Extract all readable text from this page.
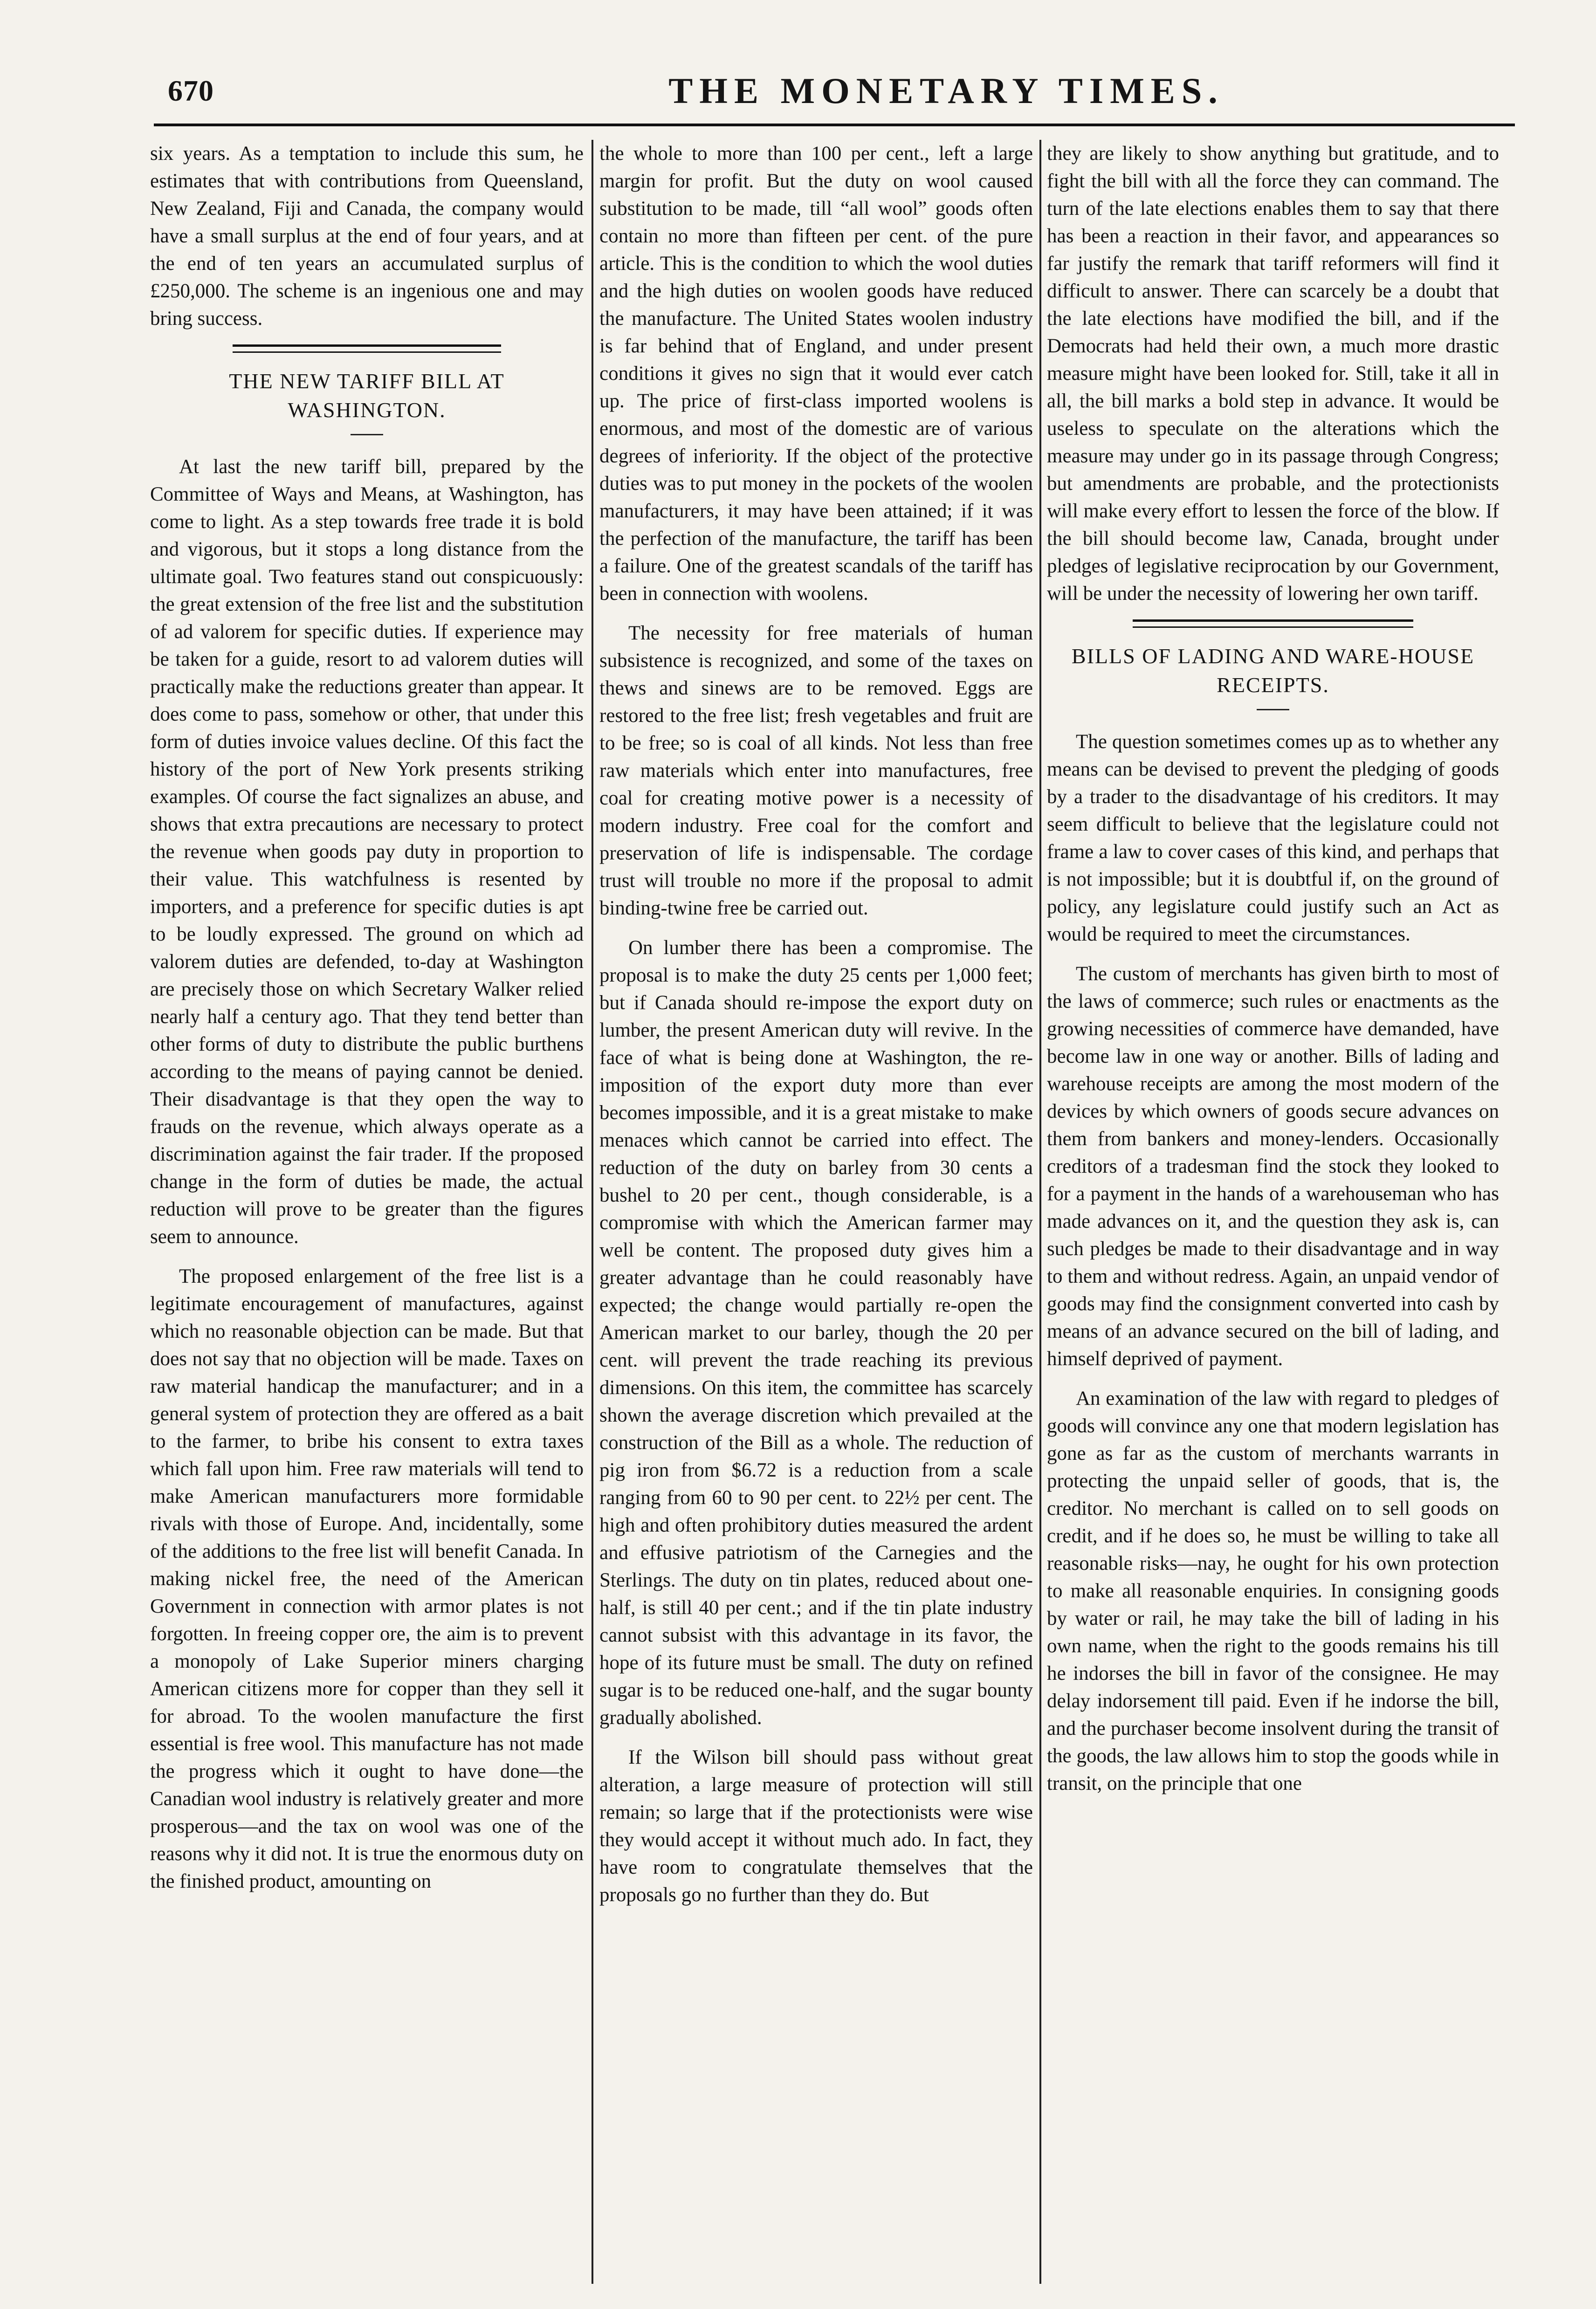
670	THE MONETARY TIMES.

six years. As a temptation to include this sum, he estimates that with contributions from Queensland, New Zealand, Fiji and Canada, the company would have a small surplus at the end of four years, and at the end of ten years an accumulated surplus of £250,000. The scheme is an ingenious one and may bring success.

THE NEW TARIFF BILL AT WASHINGTON.

At last the new tariff bill, prepared by the Committee of Ways and Means, at Washington, has come to light. As a step towards free trade it is bold and vigorous, but it stops a long distance from the ultimate goal. Two features stand out conspicuously: the great extension of the free list and the substitution of ad valorem for specific duties. If experience may be taken for a guide, resort to ad valorem duties will practically make the reductions greater than appear. It does come to pass, somehow or other, that under this form of duties invoice values decline. Of this fact the history of the port of New York presents striking examples. Of course the fact signalizes an abuse, and shows that extra precautions are necessary to protect the revenue when goods pay duty in proportion to their value. This watchfulness is resented by importers, and a preference for specific duties is apt to be loudly expressed. The ground on which ad valorem duties are defended, to-day at Washington are precisely those on which Secretary Walker relied nearly half a century ago. That they tend better than other forms of duty to distribute the public burthens according to the means of paying cannot be denied. Their disadvantage is that they open the way to frauds on the revenue, which always operate as a discrimination against the fair trader. If the proposed change in the form of duties be made, the actual reduction will prove to be greater than the figures seem to announce.

The proposed enlargement of the free list is a legitimate encouragement of manufactures, against which no reasonable objection can be made. But that does not say that no objection will be made. Taxes on raw material handicap the manufacturer; and in a general system of protection they are offered as a bait to the farmer, to bribe his consent to extra taxes which fall upon him. Free raw materials will tend to make American manufacturers more formidable rivals with those of Europe. And, incidentally, some of the additions to the free list will benefit Canada. In making nickel free, the need of the American Government in connection with armor plates is not forgotten. In freeing copper ore, the aim is to prevent a monopoly of Lake Superior miners charging American citizens more for copper than they sell it for abroad. To the woolen manufacture the first essential is free wool. This manufacture has not made the progress which it ought to have done—the Canadian wool industry is relatively greater and more prosperous—and the tax on wool was one of the reasons why it did not. It is true the enormous duty on the finished product, amounting on

the whole to more than 100 per cent., left a large margin for profit. But the duty on wool caused substitution to be made, till “all wool” goods often contain no more than fifteen per cent. of the pure article. This is the condition to which the wool duties and the high duties on woolen goods have reduced the manufacture. The United States woolen industry is far behind that of England, and under present conditions it gives no sign that it would ever catch up. The price of first-class imported woolens is enormous, and most of the domestic are of various degrees of inferiority. If the object of the protective duties was to put money in the pockets of the woolen manufacturers, it may have been attained; if it was the perfection of the manufacture, the tariff has been a failure. One of the greatest scandals of the tariff has been in connection with woolens.

The necessity for free materials of human subsistence is recognized, and some of the taxes on thews and sinews are to be removed. Eggs are restored to the free list; fresh vegetables and fruit are to be free; so is coal of all kinds. Not less than free raw materials which enter into manufactures, free coal for creating motive power is a necessity of modern industry. Free coal for the comfort and preservation of life is indispensable. The cordage trust will trouble no more if the proposal to admit binding-twine free be carried out.

On lumber there has been a compromise. The proposal is to make the duty 25 cents per 1,000 feet; but if Canada should re-impose the export duty on lumber, the present American duty will revive. In the face of what is being done at Washington, the re-imposition of the export duty more than ever becomes impossible, and it is a great mistake to make menaces which cannot be carried into effect. The reduction of the duty on barley from 30 cents a bushel to 20 per cent., though considerable, is a compromise with which the American farmer may well be content. The proposed duty gives him a greater advantage than he could reasonably have expected; the change would partially re-open the American market to our barley, though the 20 per cent. will prevent the trade reaching its previous dimensions. On this item, the committee has scarcely shown the average discretion which prevailed at the construction of the Bill as a whole. The reduction of pig iron from $6.72 is a reduction from a scale ranging from 60 to 90 per cent. to 22½ per cent. The high and often prohibitory duties measured the ardent and effusive patriotism of the Carnegies and the Sterlings. The duty on tin plates, reduced about one-half, is still 40 per cent.; and if the tin plate industry cannot subsist with this advantage in its favor, the hope of its future must be small. The duty on refined sugar is to be reduced one-half, and the sugar bounty gradually abolished.

If the Wilson bill should pass without great alteration, a large measure of protection will still remain; so large that if the protectionists were wise they would accept it without much ado. In fact, they have room to congratulate themselves that the proposals go no further than they do. But

they are likely to show anything but gratitude, and to fight the bill with all the force they can command. The turn of the late elections enables them to say that there has been a reaction in their favor, and appearances so far justify the remark that tariff reformers will find it difficult to answer. There can scarcely be a doubt that the late elections have modified the bill, and if the Democrats had held their own, a much more drastic measure might have been looked for. Still, take it all in all, the bill marks a bold step in advance. It would be useless to speculate on the alterations which the measure may under go in its passage through Congress; but amendments are probable, and the protectionists will make every effort to lessen the force of the blow. If the bill should become law, Canada, brought under pledges of legislative reciprocation by our Government, will be under the necessity of lowering her own tariff.

BILLS OF LADING AND WARE-HOUSE RECEIPTS.

The question sometimes comes up as to whether any means can be devised to prevent the pledging of goods by a trader to the disadvantage of his creditors. It may seem difficult to believe that the legislature could not frame a law to cover cases of this kind, and perhaps that is not impossible; but it is doubtful if, on the ground of policy, any legislature could justify such an Act as would be required to meet the circumstances.

The custom of merchants has given birth to most of the laws of commerce; such rules or enactments as the growing necessities of commerce have demanded, have become law in one way or another. Bills of lading and warehouse receipts are among the most modern of the devices by which owners of goods secure advances on them from bankers and money-lenders. Occasionally creditors of a tradesman find the stock they looked to for a payment in the hands of a warehouseman who has made advances on it, and the question they ask is, can such pledges be made to their disadvantage and in way to them and without redress. Again, an unpaid vendor of goods may find the consignment converted into cash by means of an advance secured on the bill of lading, and himself deprived of payment.

An examination of the law with regard to pledges of goods will convince any one that modern legislation has gone as far as the custom of merchants warrants in protecting the unpaid seller of goods, that is, the creditor. No merchant is called on to sell goods on credit, and if he does so, he must be willing to take all reasonable risks—nay, he ought for his own protection to make all reasonable enquiries. In consigning goods by water or rail, he may take the bill of lading in his own name, when the right to the goods remains his till he indorses the bill in favor of the consignee. He may delay indorsement till paid. Even if he indorse the bill, and the purchaser become insolvent during the transit of the goods, the law allows him to stop the goods while in transit, on the principle that one
